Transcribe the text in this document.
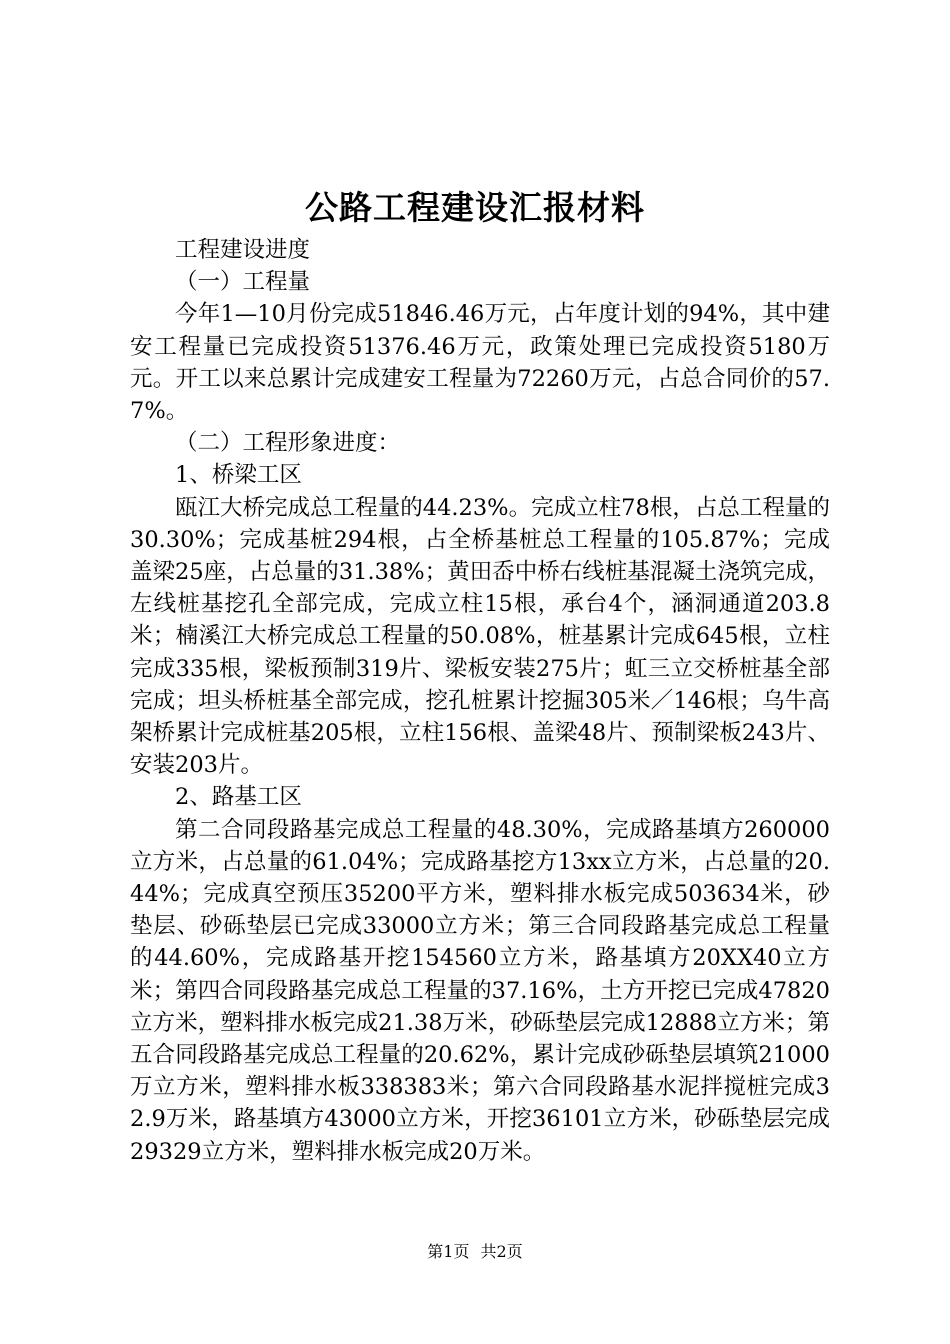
公路工程建设汇报材料

工程建设进度

（一）工程量

今年1—10月份完成51846.46万元，占年度计划的94%，其中建安工程量已完成投资51376.46万元，政策处理已完成投资5180万元。开工以来总累计完成建安工程量为72260万元，占总合同价的57.7%。

（二）工程形象进度：

1、桥梁工区

瓯江大桥完成总工程量的44.23%。完成立柱78根，占总工程量的30.30%；完成基桩294根，占全桥基桩总工程量的105.87%；完成盖梁25座，占总量的31.38%；黄田岙中桥右线桩基混凝土浇筑完成，左线桩基挖孔全部完成，完成立柱15根，承台4个，涵洞通道203.8米；楠溪江大桥完成总工程量的50.08%，桩基累计完成645根，立柱完成335根，梁板预制319片、梁板安装275片；虹三立交桥桩基全部完成；坦头桥桩基全部完成，挖孔桩累计挖掘305米／146根；乌牛高架桥累计完成桩基205根，立柱156根、盖梁48片、预制梁板243片、安装203片。

2、路基工区

第二合同段路基完成总工程量的48.30%，完成路基填方260000立方米，占总量的61.04%；完成路基挖方13xx立方米，占总量的20.44%；完成真空预压35200平方米，塑料排水板完成503634米，砂垫层、砂砾垫层已完成33000立方米；第三合同段路基完成总工程量的44.60%，完成路基开挖154560立方米，路基填方20XX40立方米；第四合同段路基完成总工程量的37.16%，土方开挖已完成47820立方米，塑料排水板完成21.38万米，砂砾垫层完成12888立方米；第五合同段路基完成总工程量的20.62%，累计完成砂砾垫层填筑21000万立方米，塑料排水板338383米；第六合同段路基水泥拌搅桩完成32.9万米，路基填方43000立方米，开挖36101立方米，砂砾垫层完成29329立方米，塑料排水板完成20万米。

第1页 共2页
